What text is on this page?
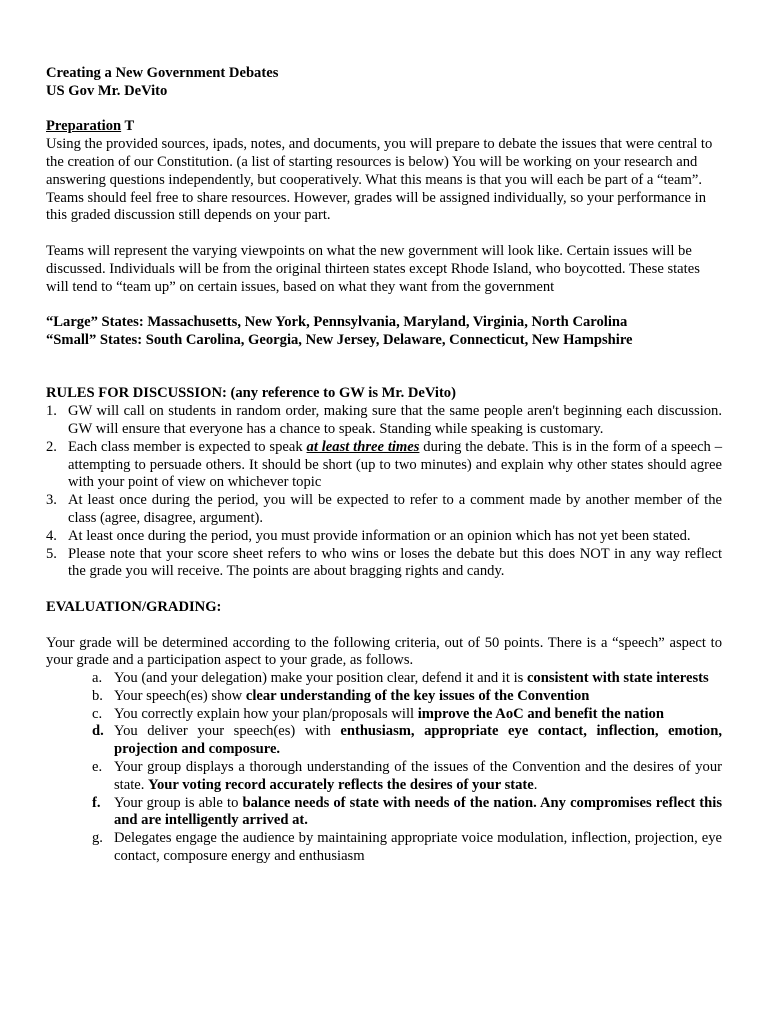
Creating a New Government Debates

US Gov Mr. DeVito

Preparation T

Using the provided sources, ipads, notes, and documents, you will prepare to debate the issues that were central to the creation of our Constitution. (a list of starting resources is below) You will be working on your research and answering questions independently, but cooperatively. What this means is that you will each be part of a “team”. Teams should feel free to share resources. However, grades will be assigned individually, so your performance in this graded discussion still depends on your part.

Teams will represent the varying viewpoints on what the new government will look like. Certain issues will be discussed. Individuals will be from the original thirteen states except Rhode Island, who boycotted. These states will tend to “team up” on certain issues, based on what they want from the government

“Large” States: Massachusetts, New York, Pennsylvania, Maryland, Virginia, North Carolina

“Small” States: South Carolina, Georgia, New Jersey, Delaware, Connecticut, New Hampshire

RULES FOR DISCUSSION: (any reference to GW is Mr. DeVito)

1. GW will call on students in random order, making sure that the same people aren't beginning each discussion. GW will ensure that everyone has a chance to speak. Standing while speaking is customary.
2. Each class member is expected to speak at least three times during the debate. This is in the form of a speech – attempting to persuade others. It should be short (up to two minutes) and explain why other states should agree with your point of view on whichever topic
3. At least once during the period, you will be expected to refer to a comment made by another member of the class (agree, disagree, argument).
4. At least once during the period, you must provide information or an opinion which has not yet been stated.
5. Please note that your score sheet refers to who wins or loses the debate but this does NOT in any way reflect the grade you will receive. The points are about bragging rights and candy.

EVALUATION/GRADING:

Your grade will be determined according to the following criteria, out of 50 points. There is a “speech” aspect to your grade and a participation aspect to your grade, as follows.

a. You (and your delegation) make your position clear, defend it and it is consistent with state interests
b. Your speech(es) show clear understanding of the key issues of the Convention
c. You correctly explain how your plan/proposals will improve the AoC and benefit the nation
d. You deliver your speech(es) with enthusiasm, appropriate eye contact, inflection, emotion, projection and composure.
e. Your group displays a thorough understanding of the issues of the Convention and the desires of your state. Your voting record accurately reflects the desires of your state.
f. Your group is able to balance needs of state with needs of the nation. Any compromises reflect this and are intelligently arrived at.
g. Delegates engage the audience by maintaining appropriate voice modulation, inflection, projection, eye contact, composure energy and enthusiasm
